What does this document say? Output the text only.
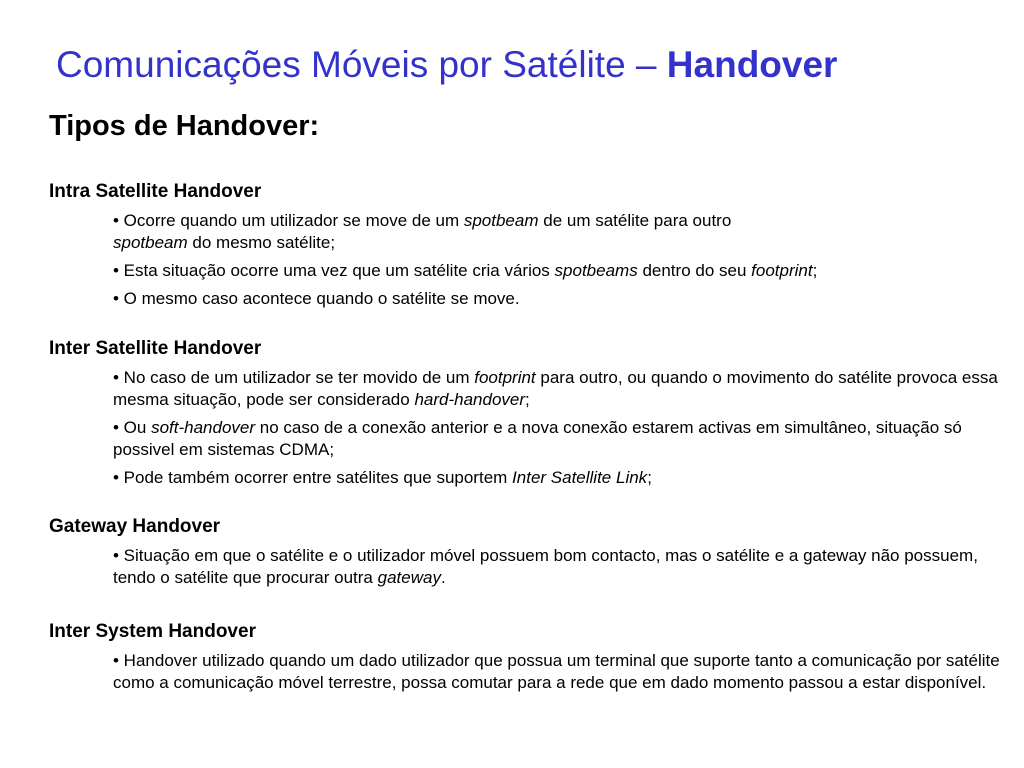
Comunicações Móveis por Satélite – Handover
Tipos de Handover:
Intra Satellite Handover
• Ocorre quando um utilizador se move de um spotbeam de um satélite para outro
spotbeam do mesmo satélite;
• Esta situação ocorre uma vez que um satélite cria vários spotbeams dentro do seu footprint;
• O mesmo caso acontece quando o satélite se move.
Inter Satellite Handover
• No caso de um utilizador se ter movido de um footprint para outro, ou quando o movimento do satélite provoca essa mesma situação, pode ser considerado hard-handover;
• Ou soft-handover no caso de a conexão anterior e a nova conexão estarem activas em simultâneo, situação só possivel em sistemas CDMA;
• Pode também ocorrer entre satélites que suportem Inter Satellite Link;
Gateway Handover
• Situação em que o satélite e o utilizador móvel possuem bom contacto, mas o satélite e a gateway não possuem, tendo o satélite que procurar outra gateway.
Inter System Handover
• Handover utilizado quando um dado utilizador que possua um terminal que suporte tanto a comunicação por satélite como a comunicação móvel terrestre, possa comutar para a rede que em dado momento passou a estar disponível.
